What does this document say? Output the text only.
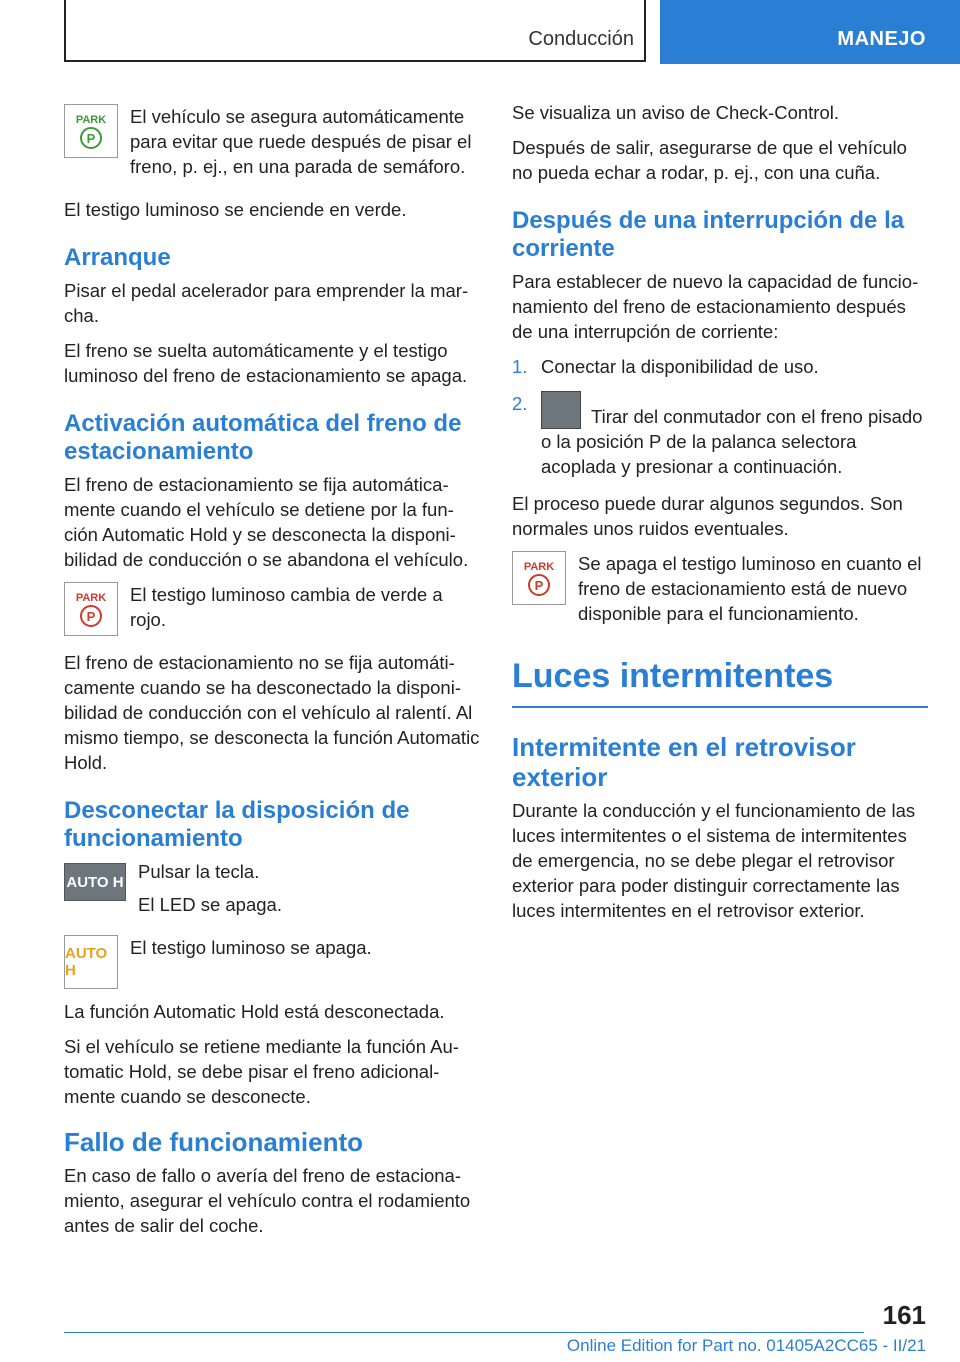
Conducción	MANEJO
PARK
P

El vehículo se asegura automáticamente para evitar que ruede después de pisar el freno, p. ej., en una parada de semáforo.

El testigo luminoso se enciende en verde.

Arranque

Pisar el pedal acelerador para emprender la marcha.

El freno se suelta automáticamente y el testigo luminoso del freno de estacionamiento se apaga.

Activación automática del freno de estacionamiento

El freno de estacionamiento se fija automáticamente cuando el vehículo se detiene por la función Automatic Hold y se desconecta la disponibilidad de conducción o se abandona el vehículo.

PARK
P

El testigo luminoso cambia de verde a rojo.

El freno de estacionamiento no se fija automáticamente cuando se ha desconectado la disponibilidad de conducción con el vehículo al ralentí. Al mismo tiempo, se desconecta la función Automatic Hold.

Desconectar la disposición de funcionamiento
AUTO H Pulsar la tecla.

El LED se apaga.

AUTO H

El testigo luminoso se apaga.

La función Automatic Hold está desconectada.

Si el vehículo se retiene mediante la función Automatic Hold, se debe pisar el freno adicionalmente cuando se desconecte.

Fallo de funcionamiento

En caso de fallo o avería del freno de estacionamiento, asegurar el vehículo contra el rodamiento antes de salir del coche.

Se visualiza un aviso de Check-Control.

Después de salir, asegurarse de que el vehículo no pueda echar a rodar, p. ej., con una cuña.

Después de una interrupción de la corriente

Para establecer de nuevo la capacidad de funcionamiento del freno de estacionamiento después de una interrupción de corriente:

1. Conectar la disponibilidad de uso.
2.
Tirar del conmutador con el freno pisado o la posición P de la palanca selectora acoplada y presionar a continuación.

El proceso puede durar algunos segundos. Son normales unos ruidos eventuales.

PARK
P

Se apaga el testigo luminoso en cuanto el freno de estacionamiento está de nuevo disponible para el funcionamiento.

Luces intermitentes
Intermitente en el retrovisor exterior

Durante la conducción y el funcionamiento de las luces intermitentes o el sistema de intermitentes de emergencia, no se debe plegar el retrovisor exterior para poder distinguir correctamente las luces intermitentes en el retrovisor exterior.

161
Online Edition for Part no. 01405A2CC65 - II/21
